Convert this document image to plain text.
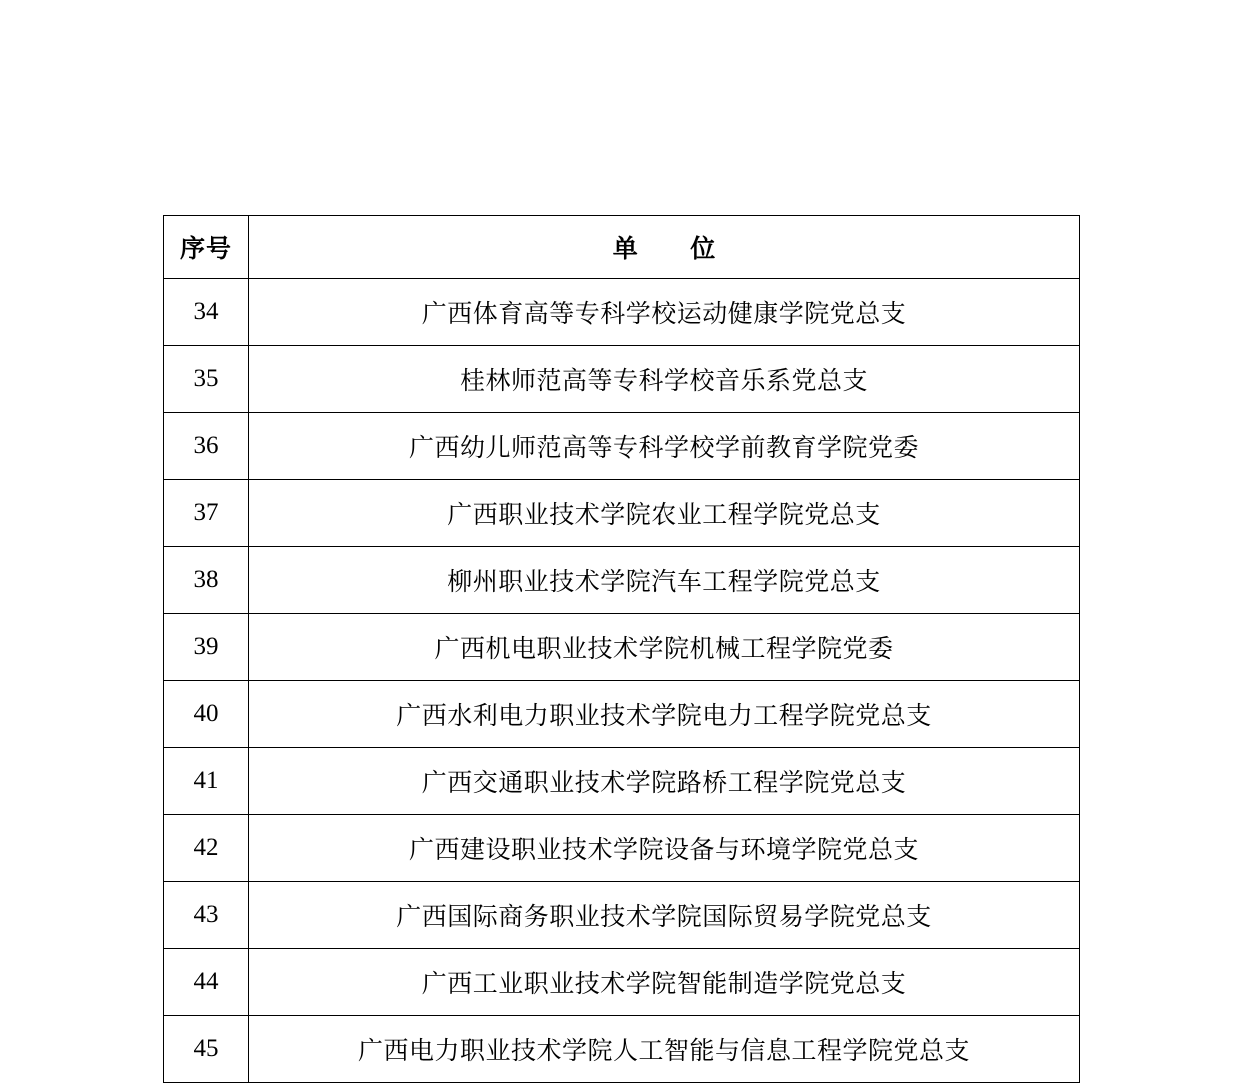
序号	单 位
34	广西体育高等专科学校运动健康学院党总支
35	桂林师范高等专科学校音乐系党总支
36	广西幼儿师范高等专科学校学前教育学院党委
37	广西职业技术学院农业工程学院党总支
38	柳州职业技术学院汽车工程学院党总支
39	广西机电职业技术学院机械工程学院党委
40	广西水利电力职业技术学院电力工程学院党总支
41	广西交通职业技术学院路桥工程学院党总支
42	广西建设职业技术学院设备与环境学院党总支
43	广西国际商务职业技术学院国际贸易学院党总支
44	广西工业职业技术学院智能制造学院党总支
45	广西电力职业技术学院人工智能与信息工程学院党总支
